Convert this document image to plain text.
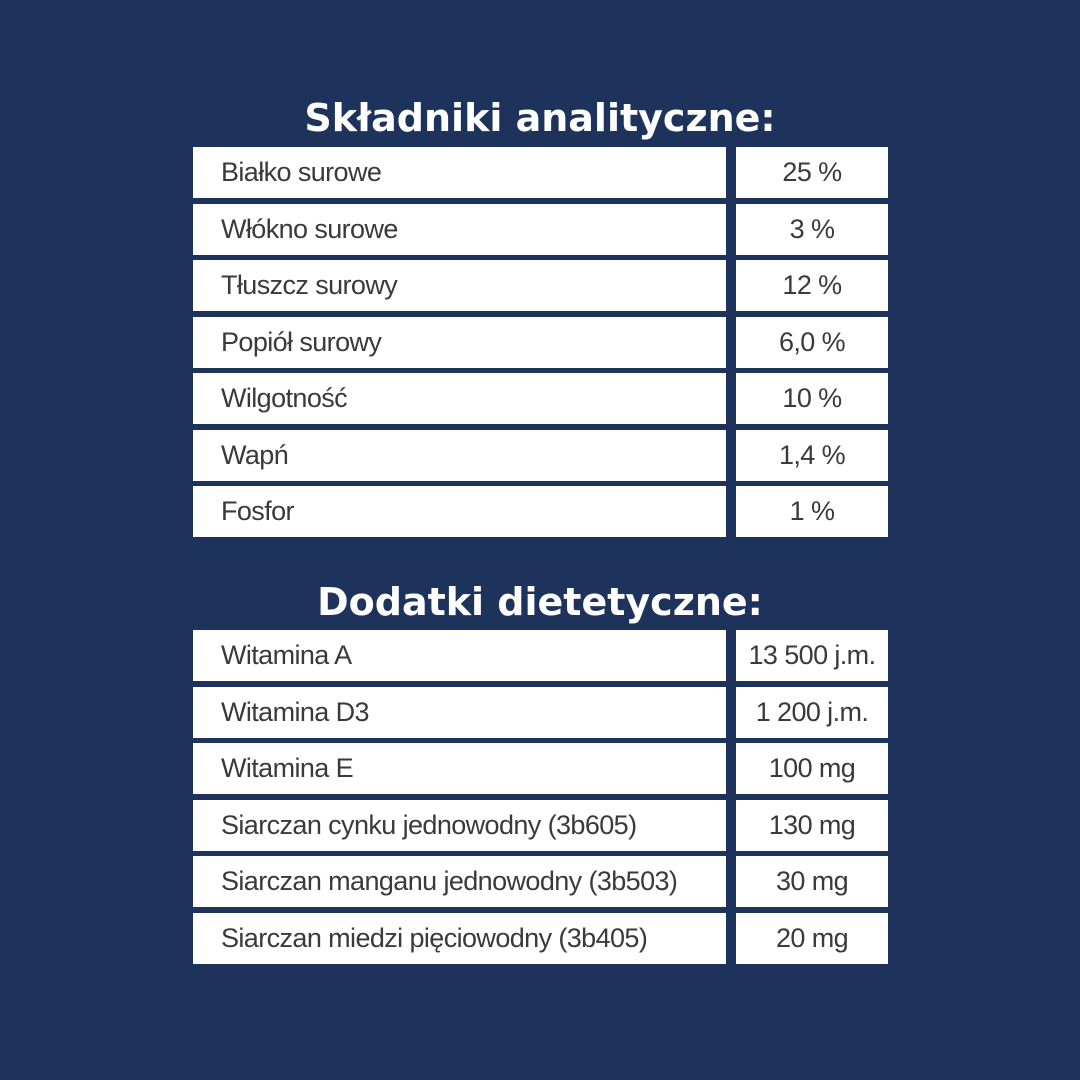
Składniki analityczne:
Białko surowe	25 %
Włókno surowe	3 %
Tłuszcz surowy	12 %
Popiół surowy	6,0 %
Wilgotność	10 %
Wapń	1,4 %
Fosfor	1 %
Dodatki dietetyczne:
Witamina A	13 500 j.m.
Witamina D3	1 200 j.m.
Witamina E	100 mg
Siarczan cynku jednowodny (3b605)	130 mg
Siarczan manganu jednowodny (3b503)	30 mg
Siarczan miedzi pięciowodny (3b405)	20 mg
